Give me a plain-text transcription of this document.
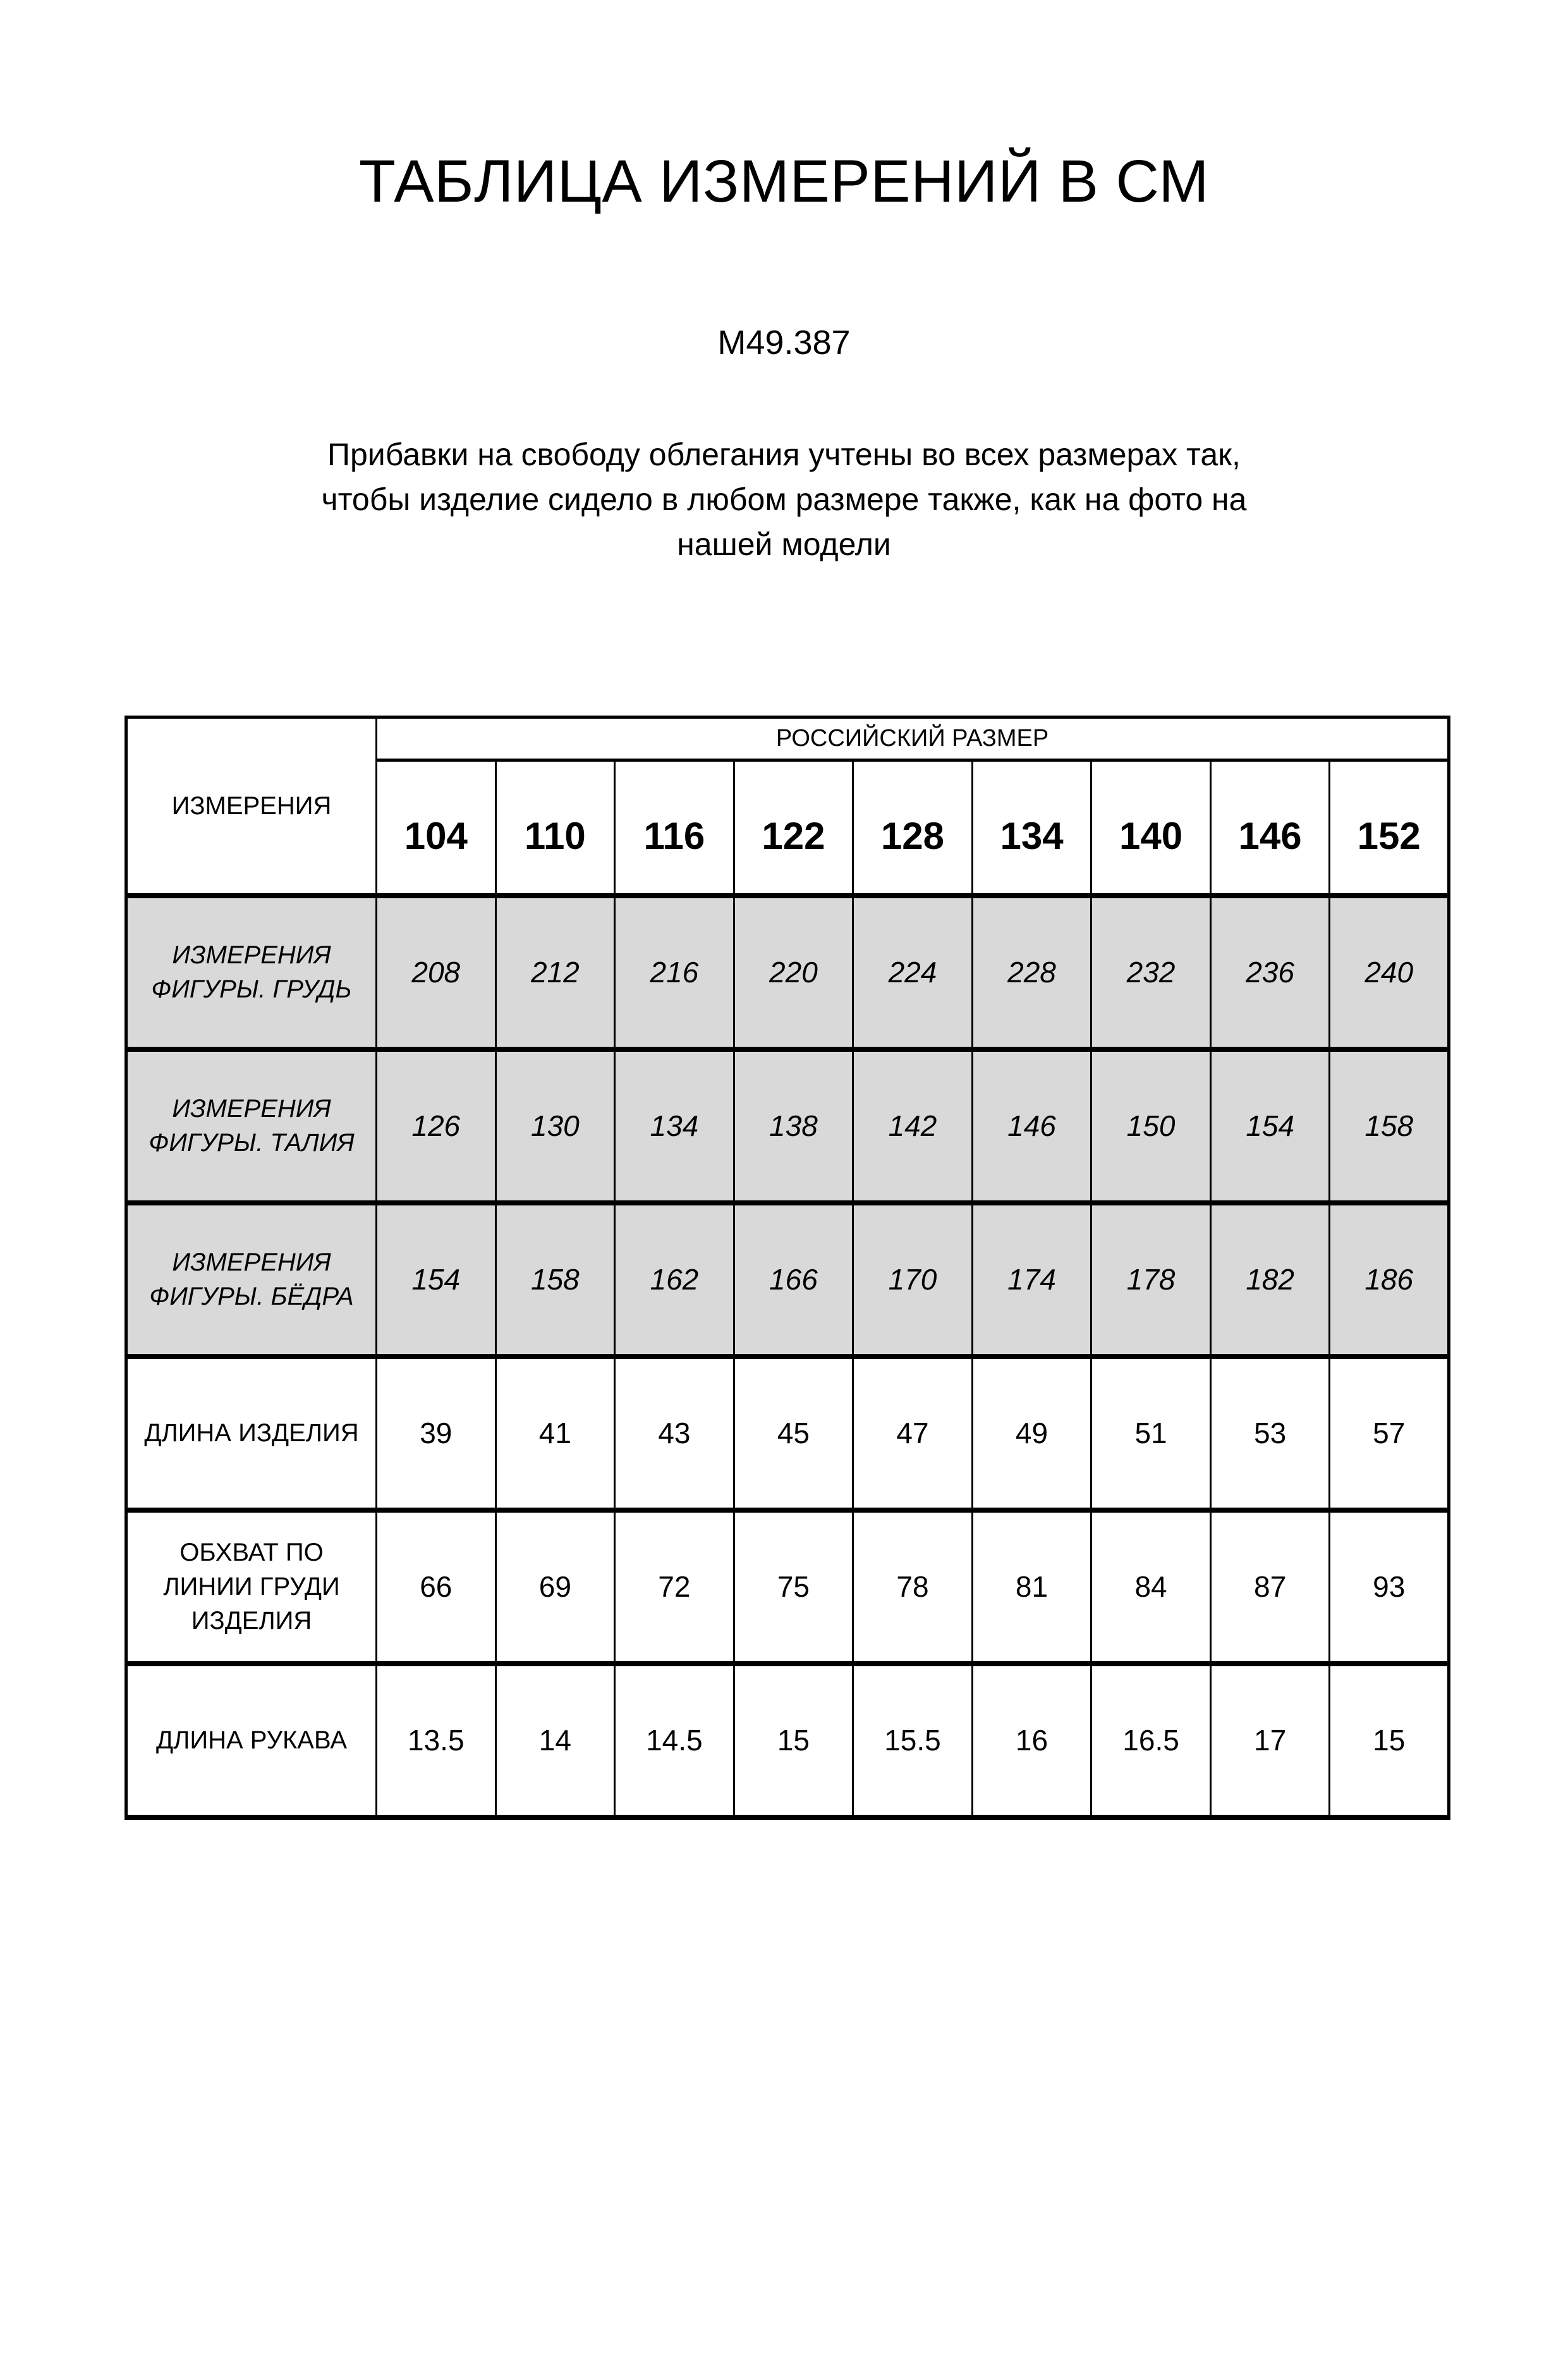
ТАБЛИЦА ИЗМЕРЕНИЙ В СМ
М49.387
Прибавки на свободу облегания учтены во всех размерах так,
чтобы изделие сидело в любом размере также, как на фото на
нашей модели
ИЗМЕРЕНИЯ	РОССИЙСКИЙ РАЗМЕР								
	104	110	116	122	128	134	140	146	152
ИЗМЕРЕНИЯ ФИГУРЫ. ГРУДЬ	208	212	216	220	224	228	232	236	240
ИЗМЕРЕНИЯ ФИГУРЫ. ТАЛИЯ	126	130	134	138	142	146	150	154	158
ИЗМЕРЕНИЯ ФИГУРЫ. БЁДРА	154	158	162	166	170	174	178	182	186
ДЛИНА ИЗДЕЛИЯ	39	41	43	45	47	49	51	53	57
ОБХВАТ ПО ЛИНИИ ГРУДИ ИЗДЕЛИЯ	66	69	72	75	78	81	84	87	93
ДЛИНА РУКАВА	13.5	14	14.5	15	15.5	16	16.5	17	15
